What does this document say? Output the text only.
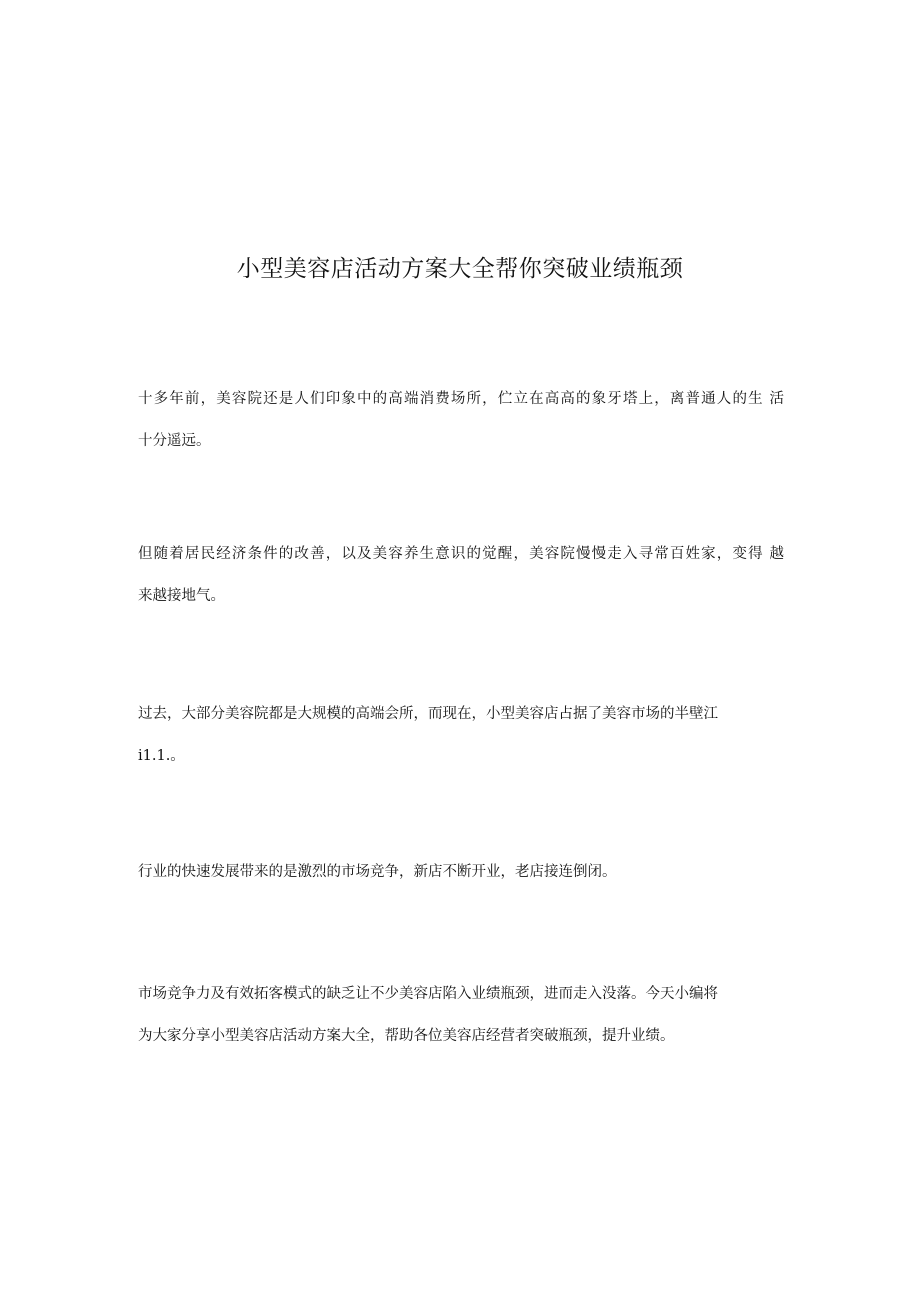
小型美容店活动方案大全帮你突破业绩瓶颈

十多年前，美容院还是人们印象中的高端消费场所，伫立在高高的象牙塔上，离普通人的生 活
十分遥远。

但随着居民经济条件的改善，以及美容养生意识的觉醒，美容院慢慢走入寻常百姓家，变得 越
来越接地气。

过去，大部分美容院都是大规模的高端会所，而现在，小型美容店占据了美容市场的半壁江
i1.1.。

行业的快速发展带来的是激烈的市场竞争，新店不断开业，老店接连倒闭。

市场竞争力及有效拓客模式的缺乏让不少美容店陷入业绩瓶颈，进而走入没落。今天小编将
为大家分享小型美容店活动方案大全，帮助各位美容店经营者突破瓶颈，提升业绩。
